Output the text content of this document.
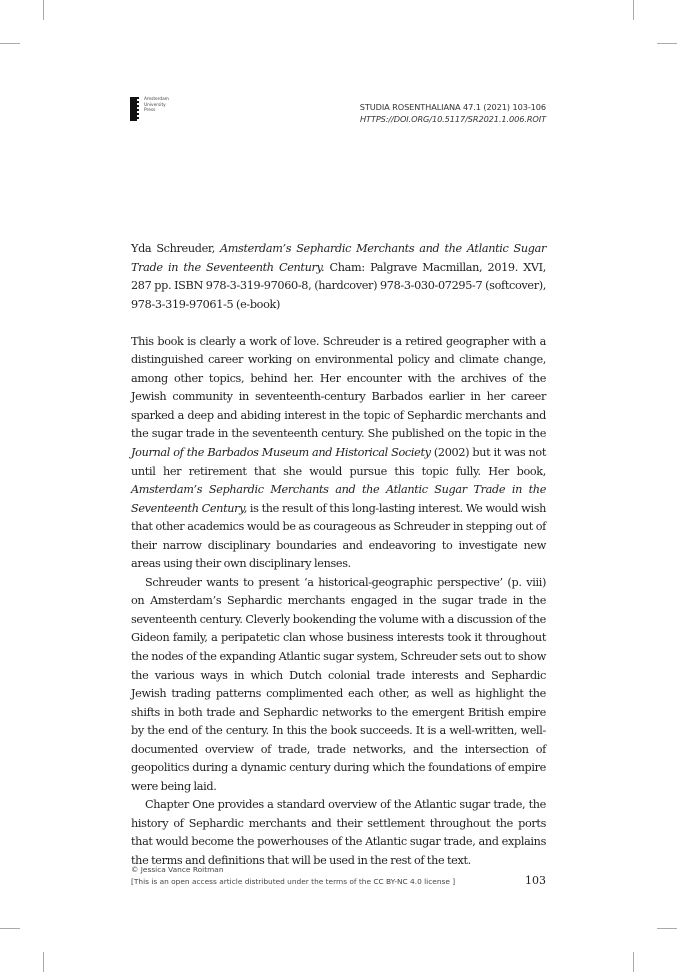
Amsterdam
University
Press	STUDIA ROSENTHALIANA 47.1 (2021) 103-106
HTTPS://DOI.ORG/10.5117/SR2021.1.006.ROIT

Yda Schreuder, Amsterdam’s Sephardic Merchants and the Atlantic Sugar Trade in the Seventeenth Century. Cham: Palgrave Macmillan, 2019. XVI, 287 pp. ISBN 978-3-319-97060-8, (hardcover) 978-3-030-07295-7 (softcover), 978-3-319-97061-5 (e-book)

This book is clearly a work of love. Schreuder is a retired geographer with a distinguished career working on environmental policy and climate change, among other topics, behind her. Her encounter with the archives of the Jewish community in seventeenth-century Barbados earlier in her career sparked a deep and abiding interest in the topic of Sephardic merchants and the sugar trade in the seventeenth century. She published on the topic in the Journal of the Barbados Museum and Historical Society (2002) but it was not until her retirement that she would pursue this topic fully. Her book, Amsterdam’s Sephardic Merchants and the Atlantic Sugar Trade in the Seventeenth Century, is the result of this long-lasting interest. We would wish that other academics would be as courageous as Schreuder in stepping out of their narrow disciplinary boundaries and endeavoring to investigate new areas using their own disciplinary lenses.

Schreuder wants to present ‘a historical-geographic perspective’ (p. viii) on Amsterdam’s Sephardic merchants engaged in the sugar trade in the seventeenth century. Cleverly bookending the volume with a discussion of the Gideon family, a peripatetic clan whose business interests took it throughout the nodes of the expanding Atlantic sugar system, Schreuder sets out to show the various ways in which Dutch colonial trade interests and Sephardic Jewish trading patterns complimented each other, as well as highlight the shifts in both trade and Sephardic networks to the emergent British empire by the end of the century. In this the book succeeds. It is a well-written, well-documented overview of trade, trade networks, and the intersection of geopolitics during a dynamic century during which the foundations of empire were being laid.

Chapter One provides a standard overview of the Atlantic sugar trade, the history of Sephardic merchants and their settlement throughout the ports that would become the powerhouses of the Atlantic sugar trade, and explains the terms and definitions that will be used in the rest of the text.

© Jessica Vance Roitman
[This is an open access article distributed under the terms of the CC BY-NC 4.0 license ]	103
